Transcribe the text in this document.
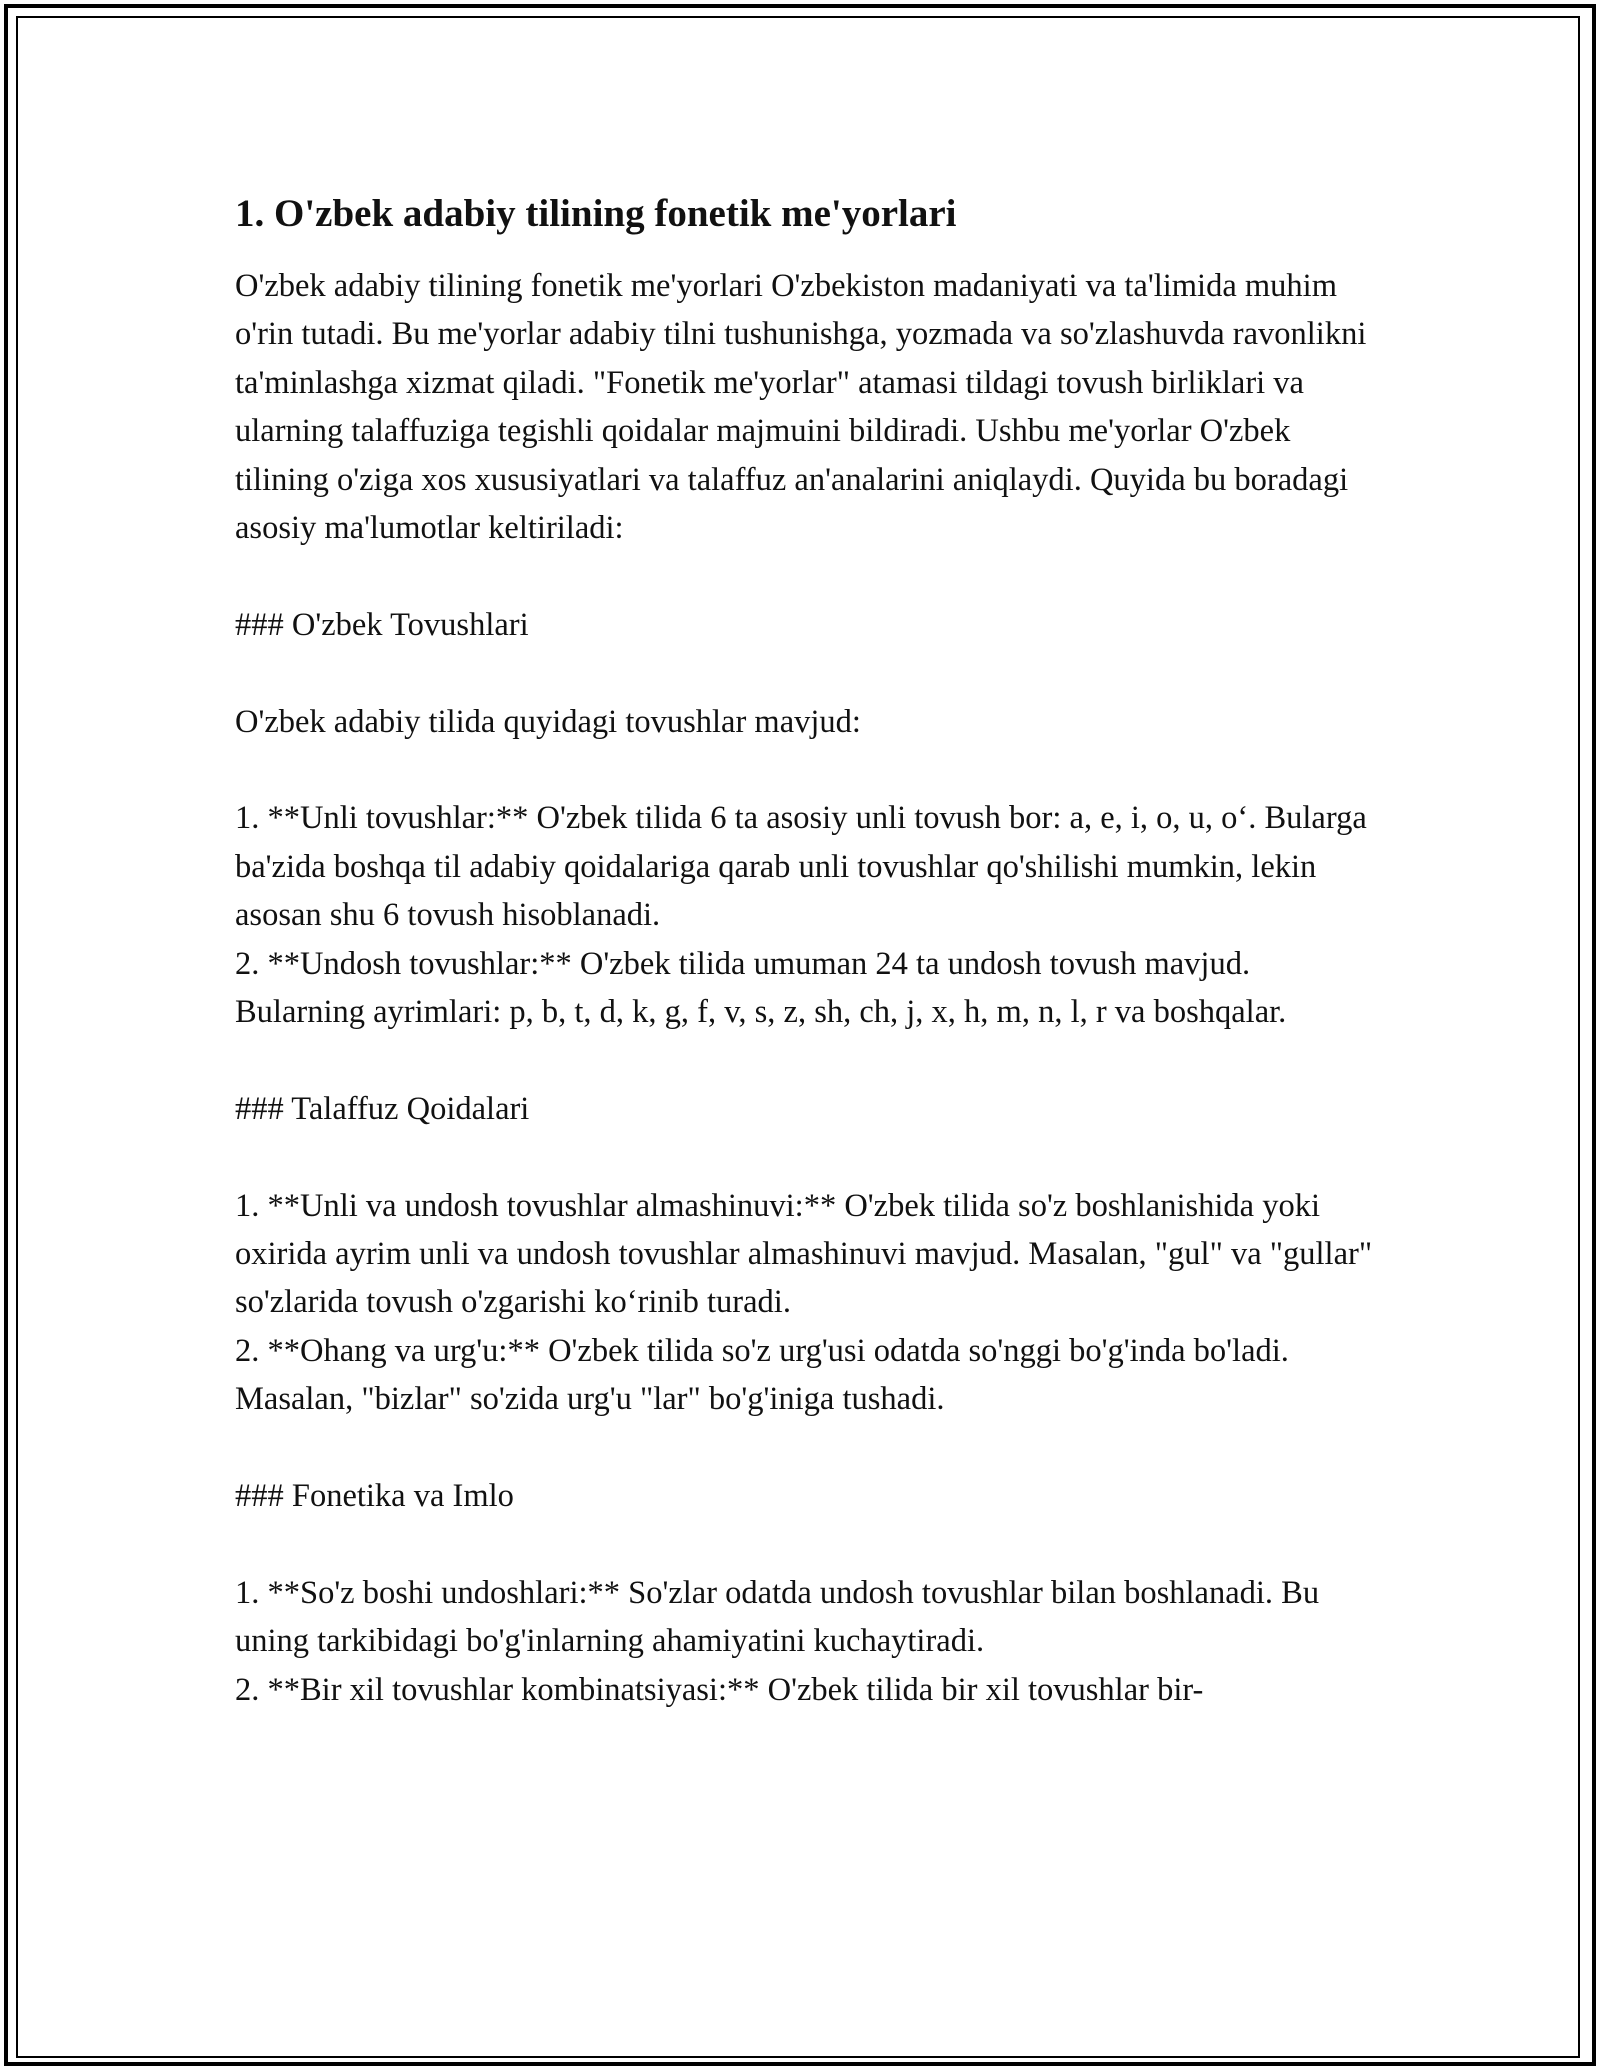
1. O'zbek adabiy tilining fonetik me'yorlari

O'zbek adabiy tilining fonetik me'yorlari O'zbekiston madaniyati va ta'limida muhim o'rin tutadi. Bu me'yorlar adabiy tilni tushunishga, yozmada va so'zlashuvda ravonlikni ta'minlashga xizmat qiladi. "Fonetik me'yorlar" atamasi tildagi tovush birliklari va ularning talaffuziga tegishli qoidalar majmuini bildiradi. Ushbu me'yorlar O'zbek tilining o'ziga xos xususiyatlari va talaffuz an'analarini aniqlaydi. Quyida bu boradagi asosiy ma'lumotlar keltiriladi:

### O'zbek Tovushlari

O'zbek adabiy tilida quyidagi tovushlar mavjud:

1. **Unli tovushlar:** O'zbek tilida 6 ta asosiy unli tovush bor: a, e, i, o, u, o‘. Bularga ba'zida boshqa til adabiy qoidalariga qarab unli tovushlar qo'shilishi mumkin, lekin asosan shu 6 tovush hisoblanadi.

2. **Undosh tovushlar:** O'zbek tilida umuman 24 ta undosh tovush mavjud. Bularning ayrimlari: p, b, t, d, k, g, f, v, s, z, sh, ch, j, x, h, m, n, l, r va boshqalar.

### Talaffuz Qoidalari

1. **Unli va undosh tovushlar almashinuvi:** O'zbek tilida so'z boshlanishida yoki oxirida ayrim unli va undosh tovushlar almashinuvi mavjud. Masalan, "gul" va "gullar" so'zlarida tovush o'zgarishi ko‘rinib turadi.

2. **Ohang va urg'u:** O'zbek tilida so'z urg'usi odatda so'nggi bo'g'inda bo'ladi. Masalan, "bizlar" so'zida urg'u "lar" bo'g'iniga tushadi.

### Fonetika va Imlo

1. **So'z boshi undoshlari:** So'zlar odatda undosh tovushlar bilan boshlanadi. Bu uning tarkibidagi bo'g'inlarning ahamiyatini kuchaytiradi.

2. **Bir xil tovushlar kombinatsiyasi:** O'zbek tilida bir xil tovushlar bir-
